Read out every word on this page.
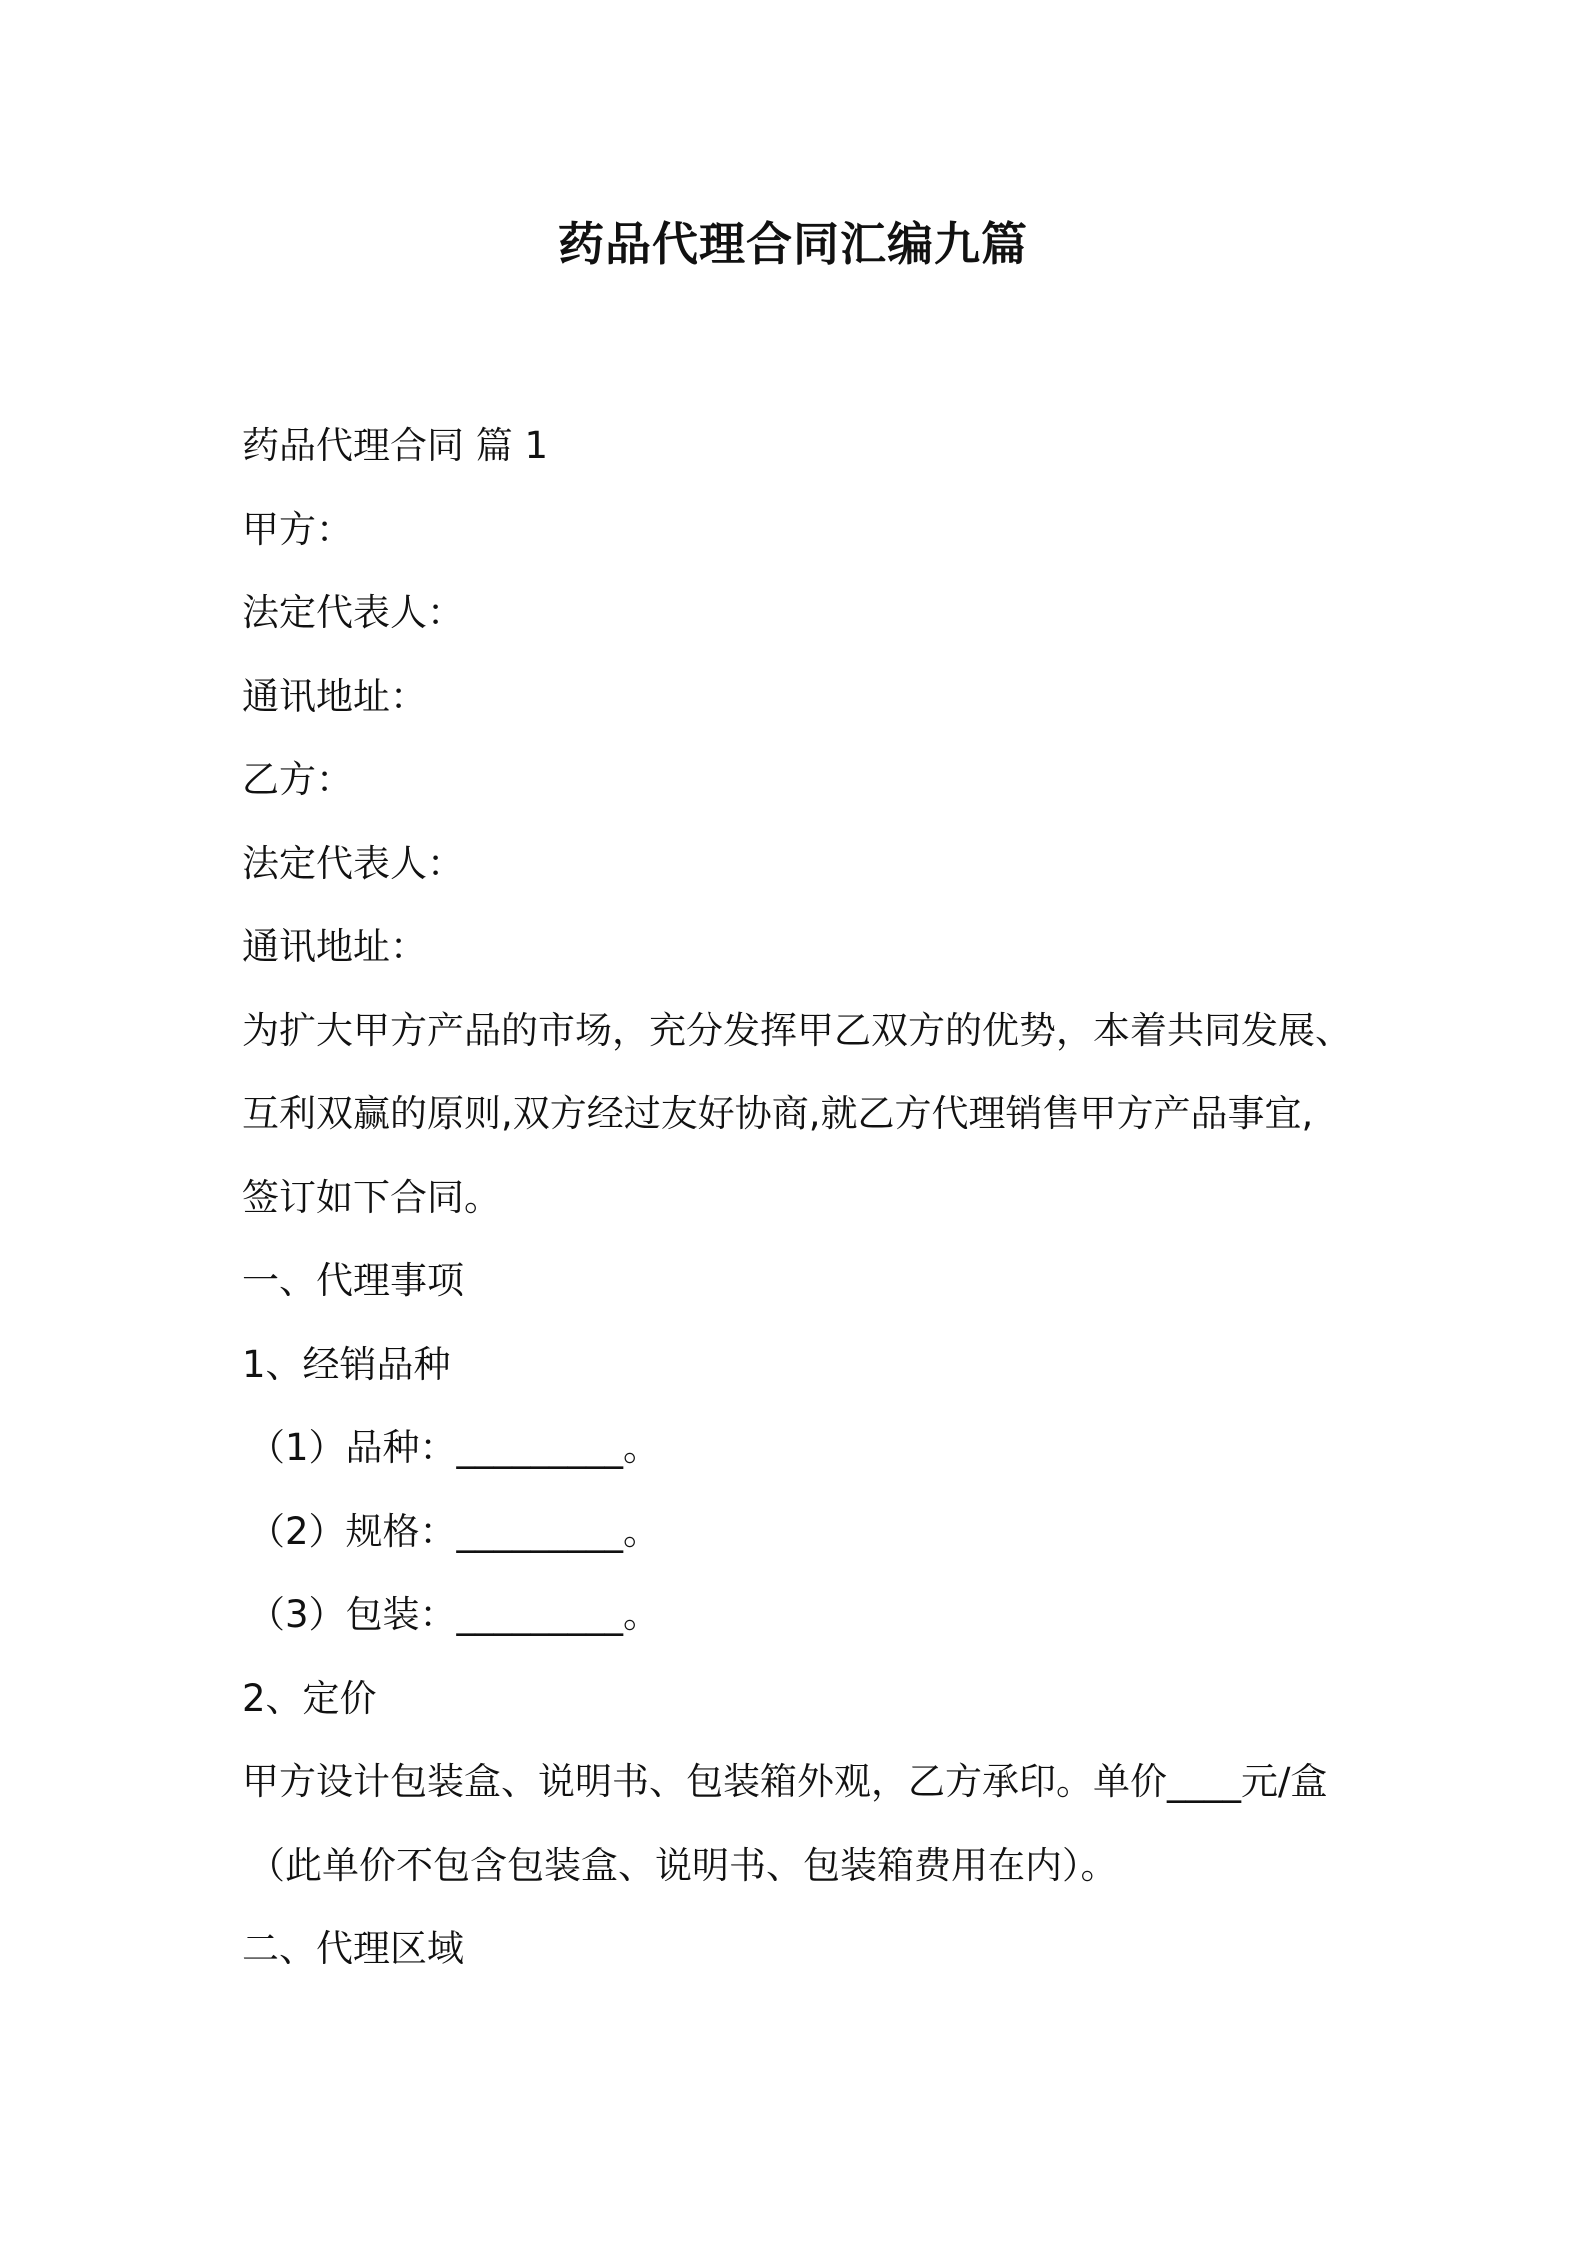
药品代理合同汇编九篇
药品代理合同 篇 1
甲方：
法定代表人：
通讯地址：
乙方：
法定代表人：
通讯地址：
为扩大甲方产品的市场，充分发挥甲乙双方的优势，本着共同发展、
互利双赢的原则,双方经过友好协商,就乙方代理销售甲方产品事宜,
签订如下合同。
一、代理事项
1、经销品种
（1）品种：_________。
（2）规格：_________。
（3）包装：_________。
2、定价
甲方设计包装盒、说明书、包装箱外观，乙方承印。单价____元/盒
（此单价不包含包装盒、说明书、包装箱费用在内）。
二、代理区域
